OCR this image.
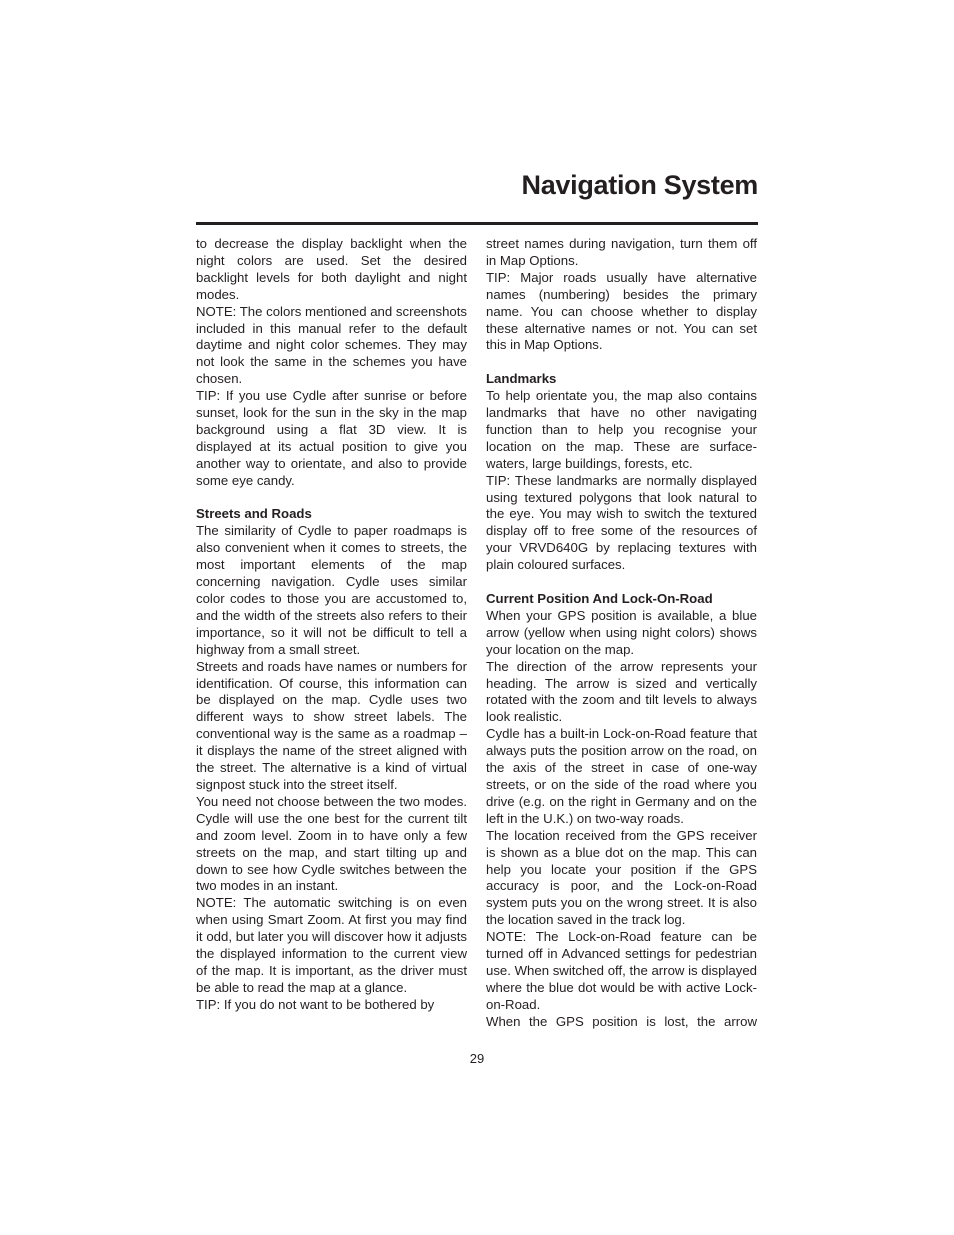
Navigation System

to decrease the display backlight when the night colors are used. Set the desired backlight levels for both daylight and night modes.

NOTE: The colors mentioned and screenshots included in this manual refer to the default daytime and night color schemes. They may not look the same in the schemes you have chosen.

TIP: If you use Cydle after sunrise or before sunset, look for the sun in the sky in the map background using a flat 3D view. It is displayed at its actual position to give you another way to orientate, and also to provide some eye candy.

Streets and Roads

The similarity of Cydle to paper roadmaps is also convenient when it comes to streets, the most important elements of the map concerning navigation. Cydle uses similar color codes to those you are accustomed to, and the width of the streets also refers to their importance, so it will not be difficult to tell a highway from a small street.

Streets and roads have names or numbers for identification. Of course, this information can be displayed on the map. Cydle uses two different ways to show street labels. The conventional way is the same as a roadmap – it displays the name of the street aligned with the street. The alternative is a kind of virtual signpost stuck into the street itself.

You need not choose between the two modes. Cydle will use the one best for the current tilt and zoom level. Zoom in to have only a few streets on the map, and start tilting up and down to see how Cydle switches between the two modes in an instant.

NOTE: The automatic switching is on even when using Smart Zoom. At first you may find it odd, but later you will discover how it adjusts the displayed information to the current view of the map. It is important, as the driver must be able to read the map at a glance.

TIP: If you do not want to be bothered by

street names during navigation, turn them off in Map Options.

TIP: Major roads usually have alternative names (numbering) besides the primary name. You can choose whether to display these alternative names or not. You can set this in Map Options.

Landmarks

To help orientate you, the map also contains landmarks that have no other navigating function than to help you recognise your location on the map. These are surface-waters, large buildings, forests, etc.

TIP: These landmarks are normally displayed using textured polygons that look natural to the eye. You may wish to switch the textured display off to free some of the resources of your VRVD640G by replacing textures with plain coloured surfaces.

Current Position And Lock-On-Road

When your GPS position is available, a blue arrow (yellow when using night colors) shows your location on the map.

The direction of the arrow represents your heading. The arrow is sized and vertically rotated with the zoom and tilt levels to always look realistic.

Cydle has a built-in Lock-on-Road feature that always puts the position arrow on the road, on the axis of the street in case of one-way streets, or on the side of the road where you drive (e.g. on the right in Germany and on the left in the U.K.) on two-way roads.

The location received from the GPS receiver is shown as a blue dot on the map. This can help you locate your position if the GPS accuracy is poor, and the Lock-on-Road system puts you on the wrong street. It is also the location saved in the track log.

NOTE: The Lock-on-Road feature can be turned off in Advanced settings for pedestrian use. When switched off, the arrow is displayed where the blue dot would be with active Lock-on-Road.

When the GPS position is lost, the arrow

29
